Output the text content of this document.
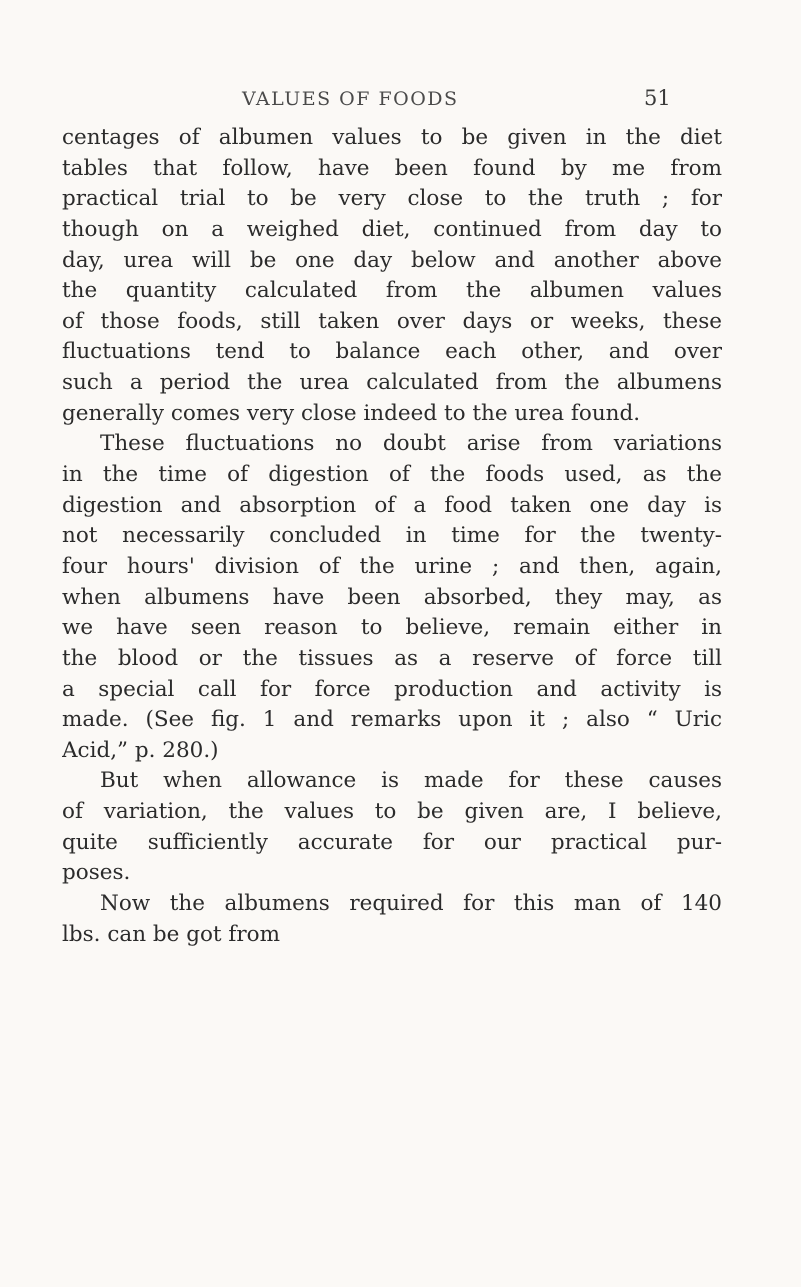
VALUES OF FOODS	51
centages of albumen values to be given in the diet
tables that follow, have been found by me from
practical trial to be very close to the truth ; for
though on a weighed diet, continued from day to
day, urea will be one day below and another above
the quantity calculated from the albumen values
of those foods, still taken over days or weeks, these
fluctuations tend to balance each other, and over
such a period the urea calculated from the albumens
generally comes very close indeed to the urea found.
These fluctuations no doubt arise from variations
in the time of digestion of the foods used, as the
digestion and absorption of a food taken one day is
not necessarily concluded in time for the twenty-
four hours' division of the urine ; and then, again,
when albumens have been absorbed, they may, as
we have seen reason to believe, remain either in
the blood or the tissues as a reserve of force till
a special call for force production and activity is
made. (See fig. 1 and remarks upon it ; also “ Uric
Acid,” p. 280.)
But when allowance is made for these causes
of variation, the values to be given are, I believe,
quite sufficiently accurate for our practical pur-
poses.
Now the albumens required for this man of 140
lbs. can be got from
